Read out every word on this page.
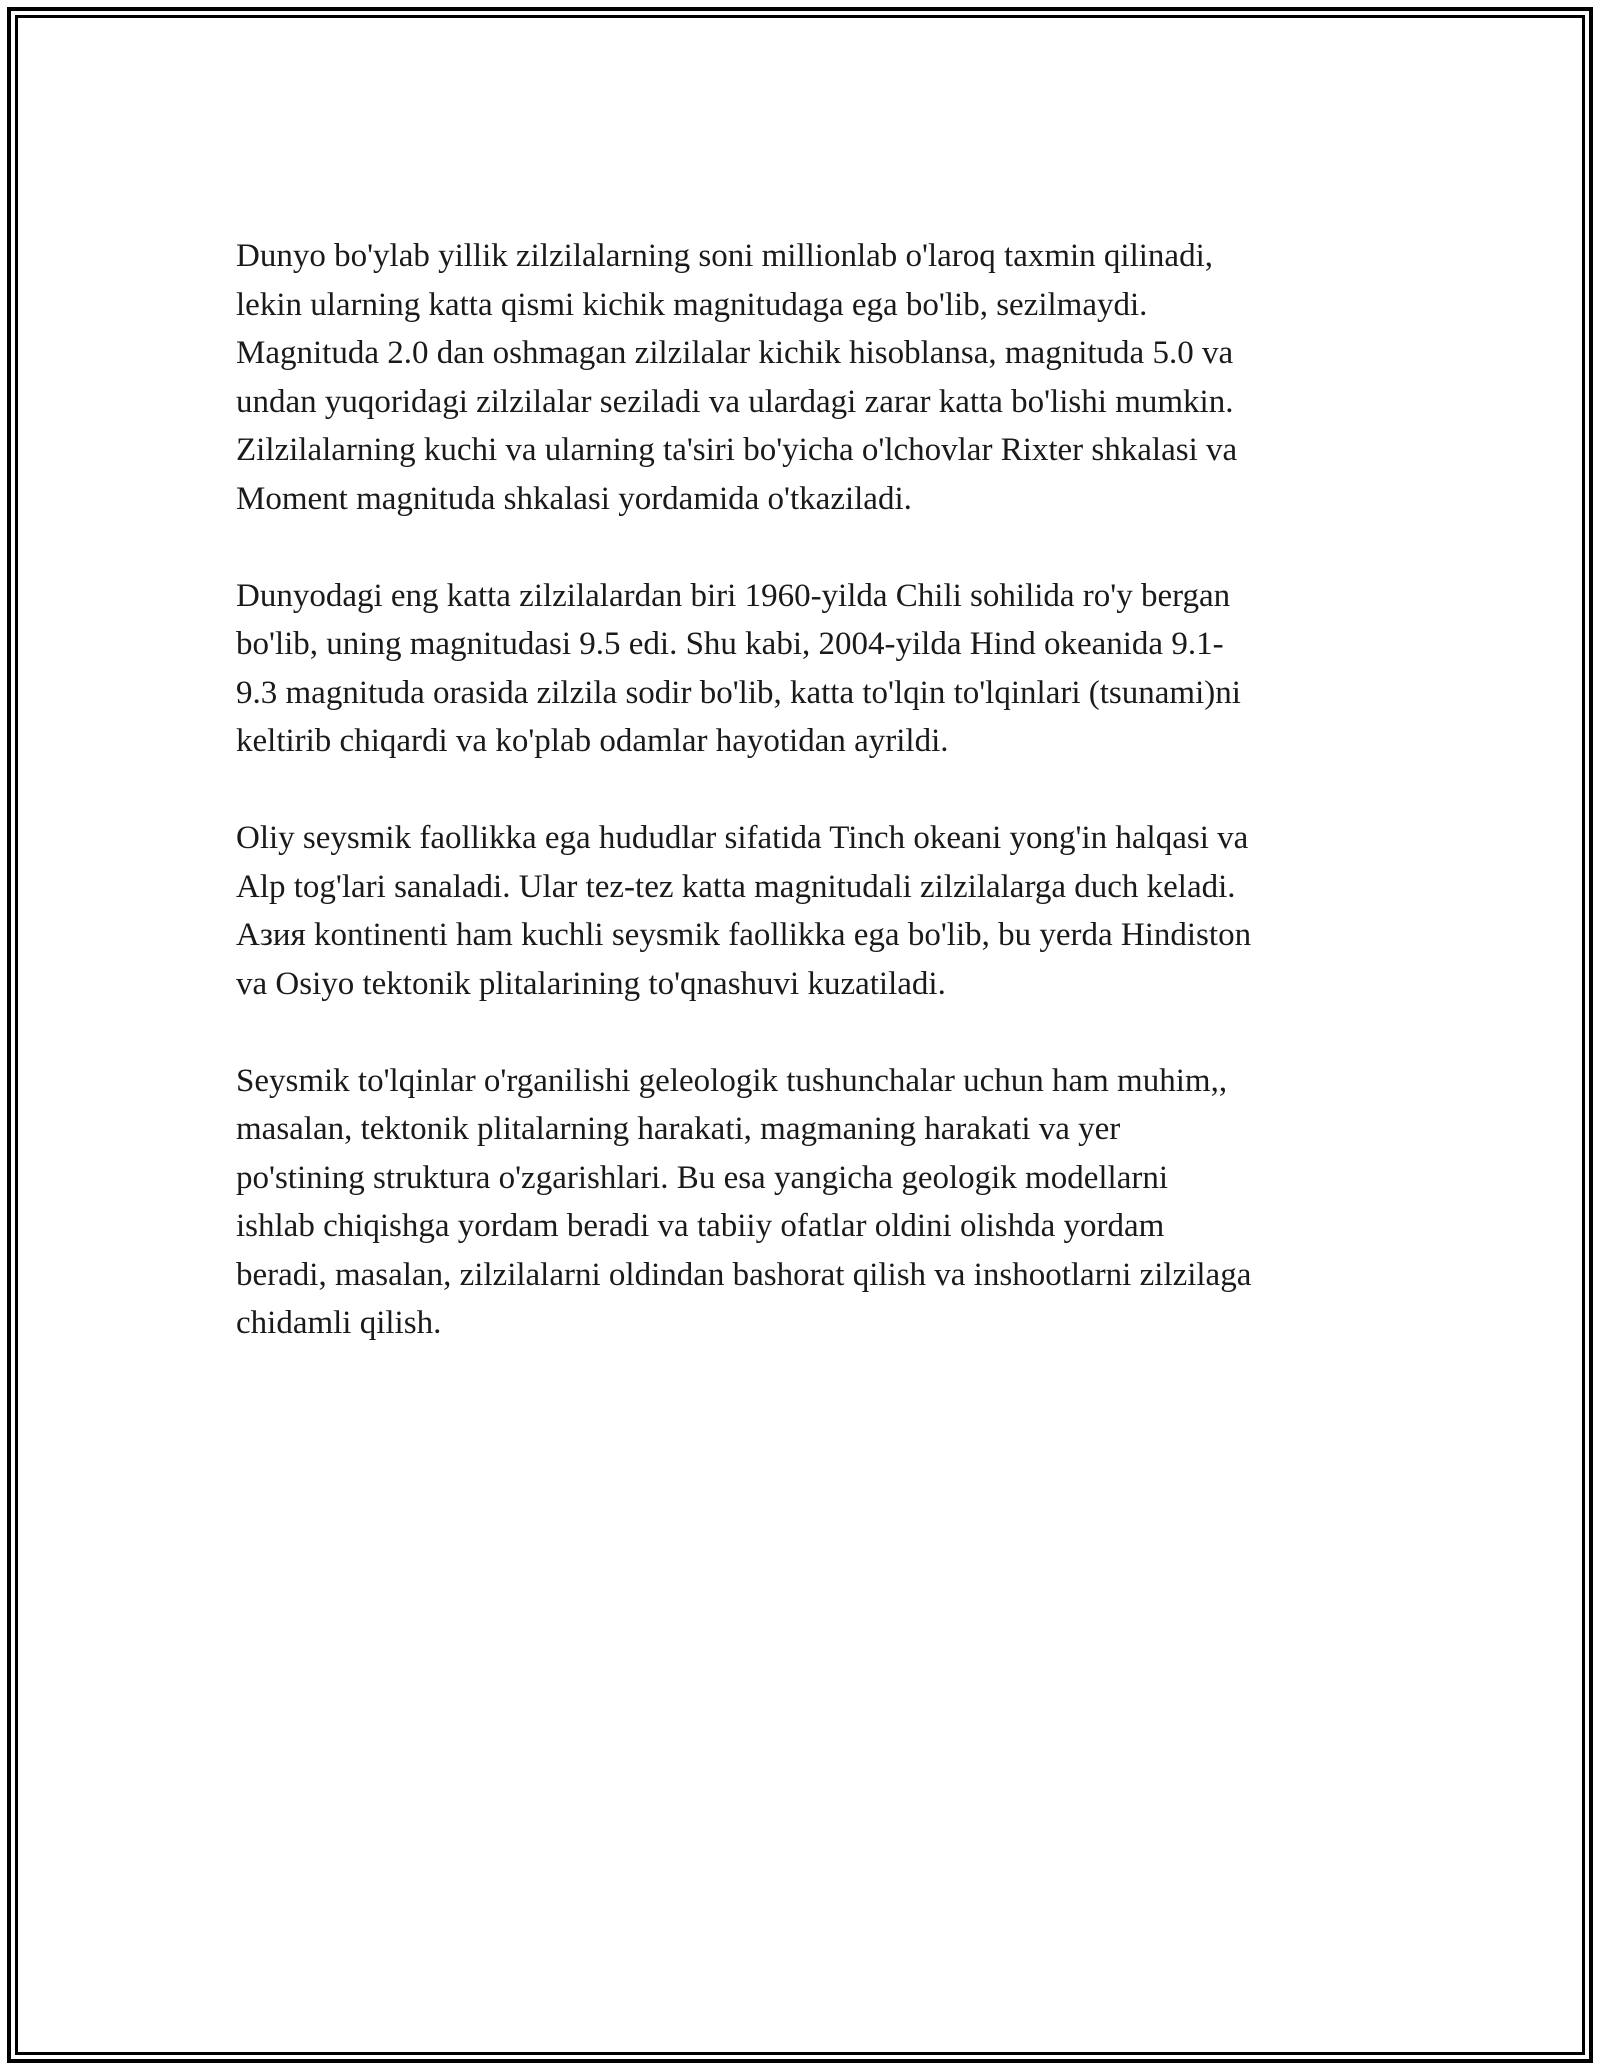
Dunyo bo'ylab yillik zilzilalarning soni millionlab o'laroq taxmin qilinadi,
lekin ularning katta qismi kichik magnitudaga ega bo'lib, sezilmaydi.
Magnituda 2.0 dan oshmagan zilzilalar kichik hisoblansa, magnituda 5.0 va
undan yuqoridagi zilzilalar seziladi va ulardagi zarar katta bo'lishi mumkin.
Zilzilalarning kuchi va ularning ta'siri bo'yicha o'lchovlar Rixter shkalasi va
Moment magnituda shkalasi yordamida o'tkaziladi.

Dunyodagi eng katta zilzilalardan biri 1960-yilda Chili sohilida ro'y bergan
bo'lib, uning magnitudasi 9.5 edi. Shu kabi, 2004-yilda Hind okeanida 9.1-
9.3 magnituda orasida zilzila sodir bo'lib, katta to'lqin to'lqinlari (tsunami)ni
keltirib chiqardi va ko'plab odamlar hayotidan ayrildi.

Oliy seysmik faollikka ega hududlar sifatida Tinch okeani yong'in halqasi va
Alp tog'lari sanaladi. Ular tez-tez katta magnitudali zilzilalarga duch keladi.
Азия kontinenti ham kuchli seysmik faollikka ega bo'lib, bu yerda Hindiston
va Osiyo tektonik plitalarining to'qnashuvi kuzatiladi.

Seysmik to'lqinlar o'rganilishi geleologik tushunchalar uchun ham muhim,,
masalan, tektonik plitalarning harakati, magmaning harakati va yer
po'stining struktura o'zgarishlari. Bu esa yangicha geologik modellarni
ishlab chiqishga yordam beradi va tabiiy ofatlar oldini olishda yordam
beradi, masalan, zilzilalarni oldindan bashorat qilish va inshootlarni zilzilaga
chidamli qilish.
